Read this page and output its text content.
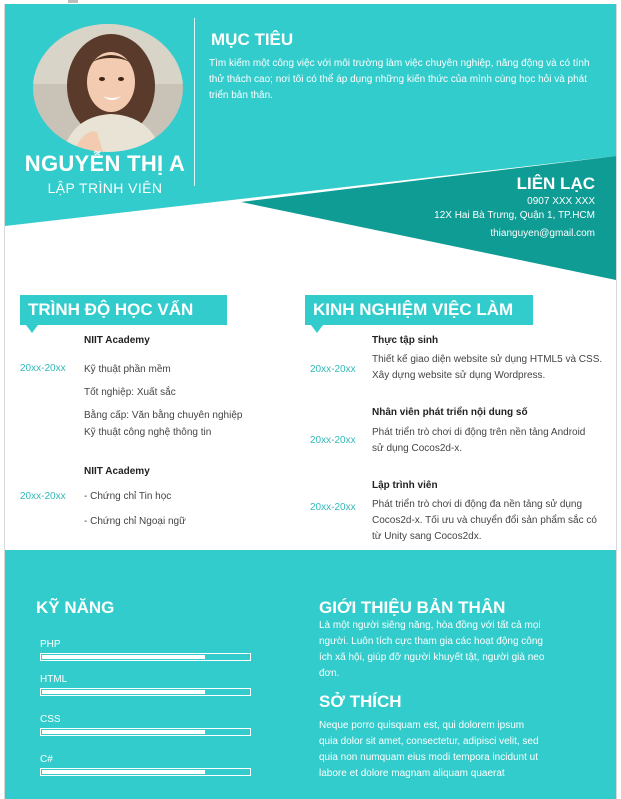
NGUYỄN THỊ A
LẬP TRÌNH VIÊN
MỤC TIÊU
Tìm kiếm một công việc với môi trường làm việc chuyên nghiệp, năng động và có tính thử thách cao; nơi tôi có thể áp dụng những kiến thức của mình cùng học hỏi và phát triển bản thân.
LIÊN LẠC
0907 XXX XXX
12X Hai Bà Trưng, Quận 1, TP.HCM
thianguyen@gmail.com
TRÌNH ĐỘ HỌC VẤN
NIIT Academy
20xx-20xx Kỹ thuật phần mềm
Tốt nghiệp: Xuất sắc
Bằng cấp: Văn bằng chuyên nghiệp
Kỹ thuật công nghệ thông tin
NIIT Academy
20xx-20xx - Chứng chỉ Tin học
- Chứng chỉ Ngoại ngữ
KINH NGHIỆM VIỆC LÀM
Thực tập sinh
20xx-20xx
Thiết kế giao diện website sử dụng HTML5 và CSS.
Xây dựng website sử dụng Wordpress.
Nhân viên phát triển nội dung số
20xx-20xx
Phát triển trò chơi di động trên nền tảng Android
sử dụng Cocos2d-x.
Lập trình viên
20xx-20xx Phát triển trò chơi di động đa nền tảng sử dụng
Cocos2d-x. Tối ưu và chuyển đổi sản phẩm sắc có
từ Unity sang Cocos2dx.
KỸ NĂNG
PHP
HTML
CSS
C#
GIỚI THIỆU BẢN THÂN
Là một người siêng năng, hòa đồng với tất cả mọi
người. Luôn tích cực tham gia các hoạt động công
ích xã hội, giúp đỡ người khuyết tật, người già neo
đơn.
SỞ THÍCH
Neque porro quisquam est, qui dolorem ipsum
quia dolor sit amet, consectetur, adipisci velit, sed
quia non numquam eius modi tempora incidunt ut
labore et dolore magnam aliquam quaerat
